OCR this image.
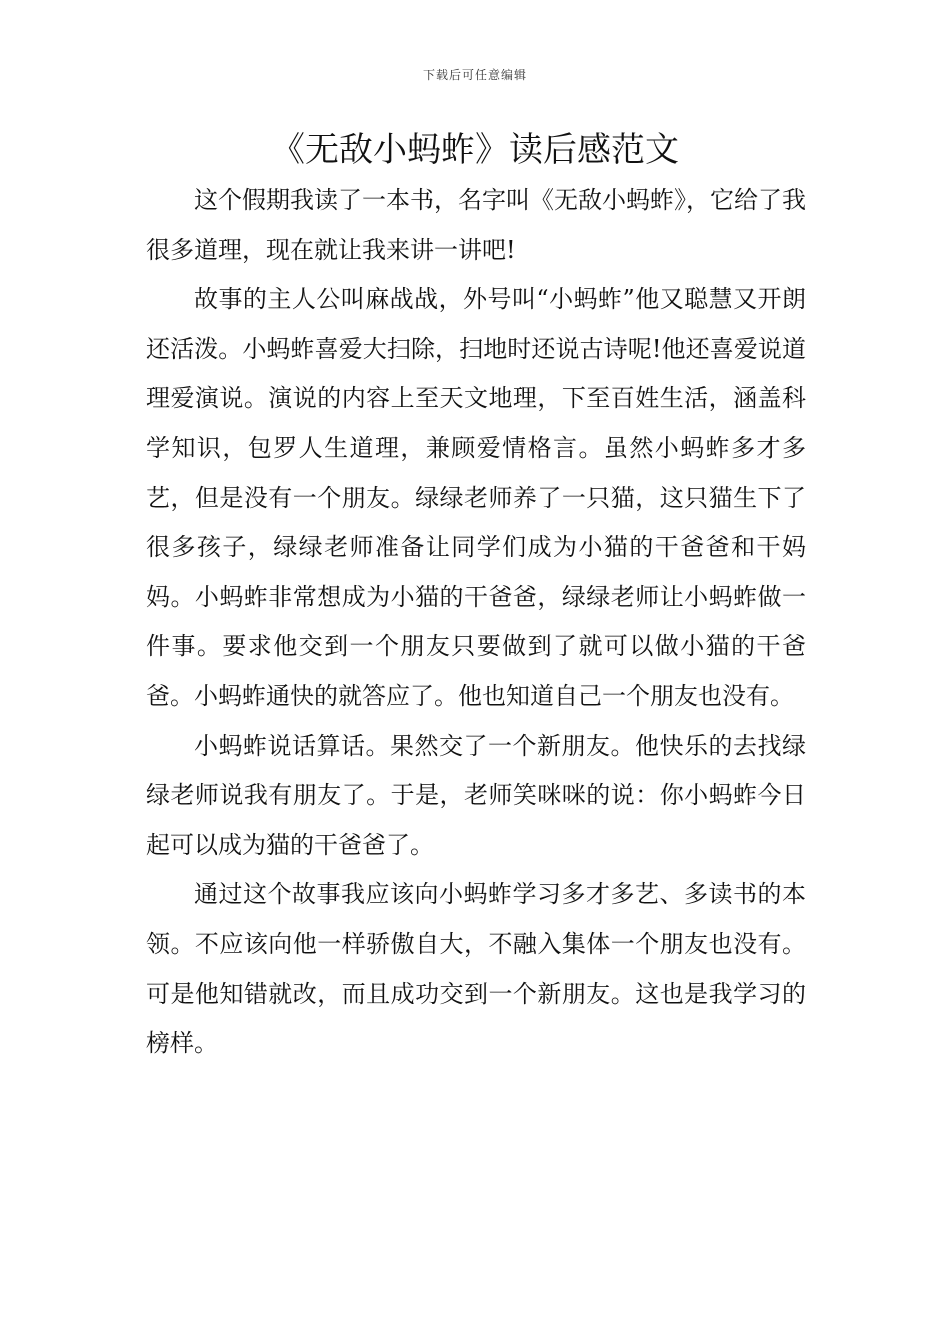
下载后可任意编辑
《无敌小蚂蚱》读后感范文

这个假期我读了一本书，名字叫《无敌小蚂蚱》，它给了我很多道理，现在就让我来讲一讲吧!

故事的主人公叫麻战战，外号叫“小蚂蚱”他又聪慧又开朗还活泼。小蚂蚱喜爱大扫除，扫地时还说古诗呢!他还喜爱说道理爱演说。演说的内容上至天文地理，下至百姓生活，涵盖科学知识，包罗人生道理，兼顾爱情格言。虽然小蚂蚱多才多艺，但是没有一个朋友。绿绿老师养了一只猫，这只猫生下了很多孩子，绿绿老师准备让同学们成为小猫的干爸爸和干妈妈。小蚂蚱非常想成为小猫的干爸爸，绿绿老师让小蚂蚱做一件事。要求他交到一个朋友只要做到了就可以做小猫的干爸爸。小蚂蚱通快的就答应了。他也知道自己一个朋友也没有。

小蚂蚱说话算话。果然交了一个新朋友。他快乐的去找绿绿老师说我有朋友了。于是，老师笑咪咪的说：你小蚂蚱今日起可以成为猫的干爸爸了。

通过这个故事我应该向小蚂蚱学习多才多艺、多读书的本领。不应该向他一样骄傲自大，不融入集体一个朋友也没有。可是他知错就改，而且成功交到一个新朋友。这也是我学习的榜样。
